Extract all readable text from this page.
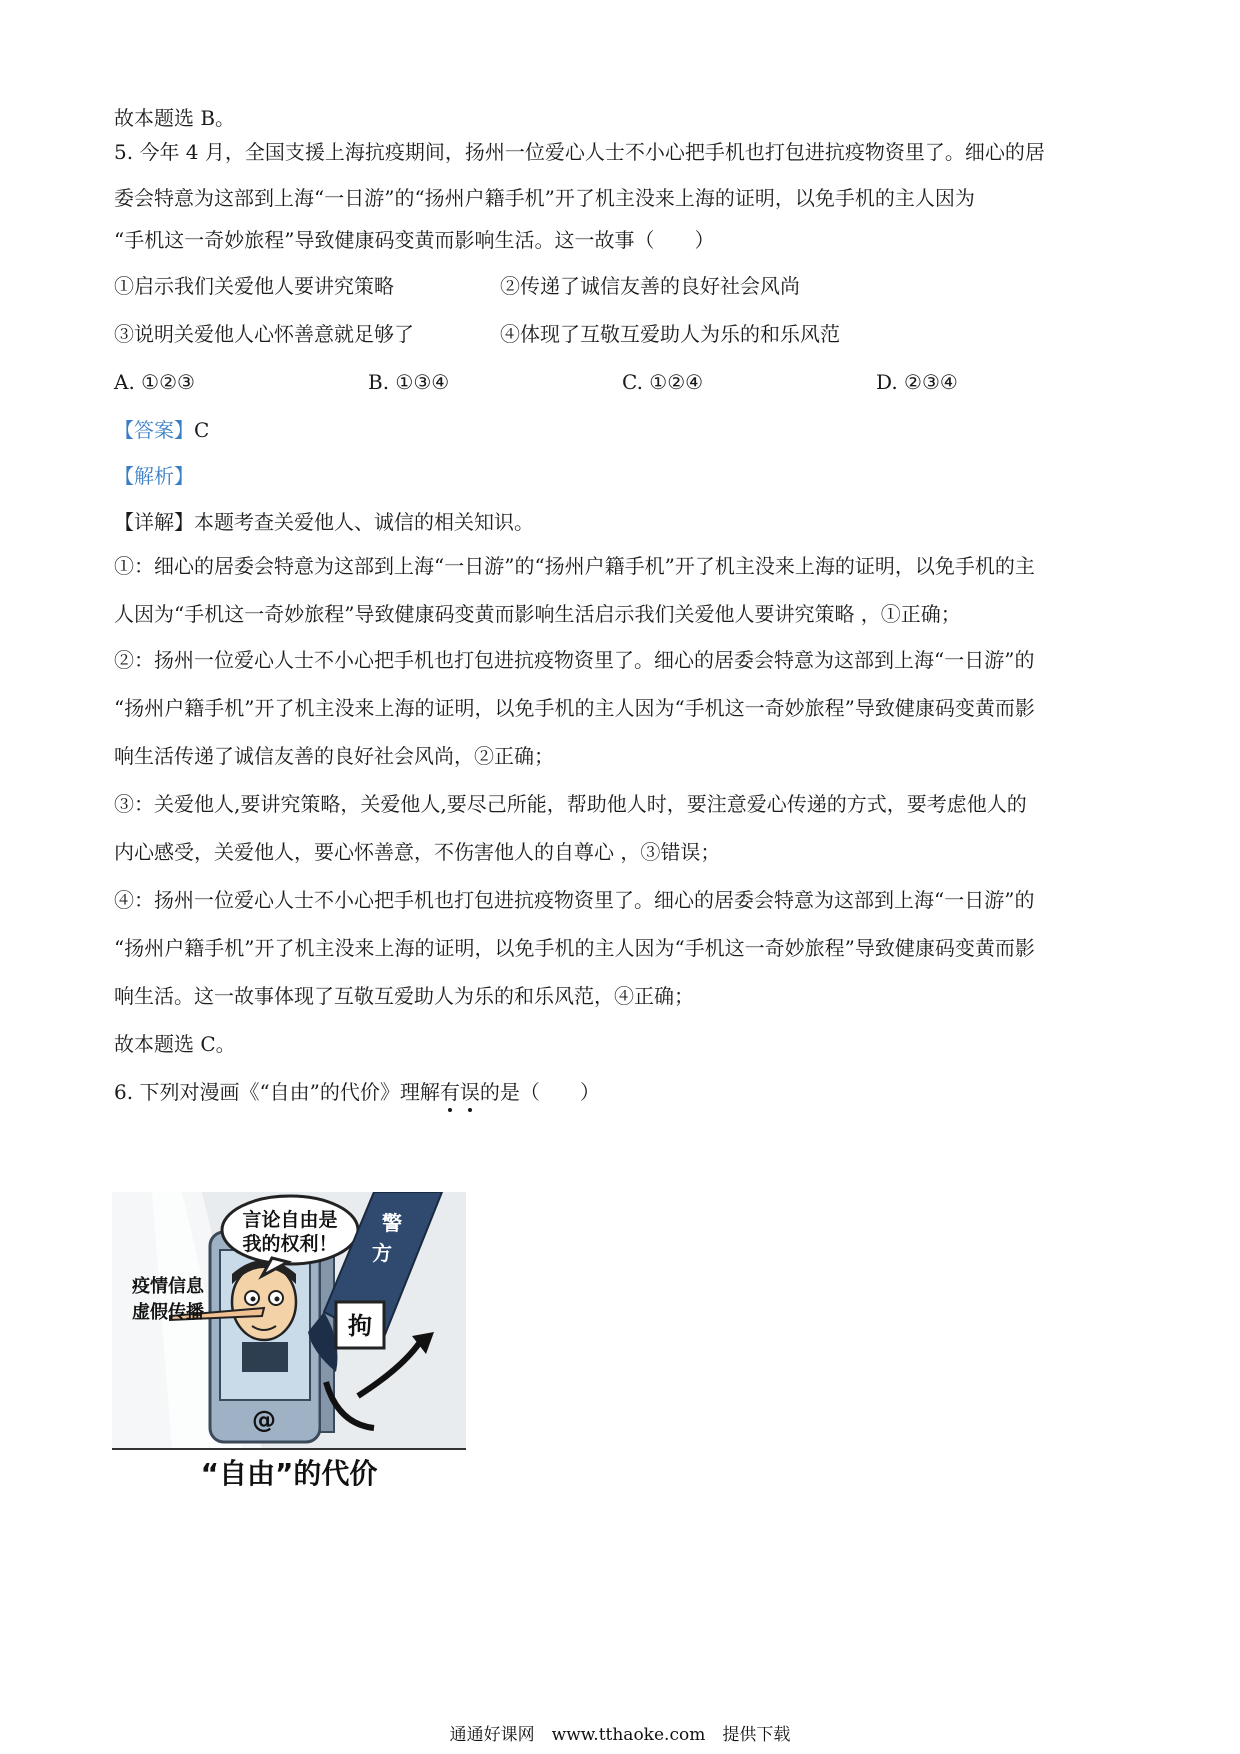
故本题选 B。
5. 今年 4 月，全国支援上海抗疫期间，扬州一位爱心人士不小心把手机也打包进抗疫物资里了。细心的居
委会特意为这部到上海“一日游”的“扬州户籍手机”开了机主没来上海的证明，以免手机的主人因为
“手机这一奇妙旅程”导致健康码变黄而影响生活。这一故事（　　）
①启示我们关爱他人要讲究策略	②传递了诚信友善的良好社会风尚
③说明关爱他人心怀善意就足够了	④体现了互敬互爱助人为乐的和乐风范
A. ①②③	B. ①③④	C. ①②④	D. ②③④
【答案】C
【解析】
【详解】本题考查关爱他人、诚信的相关知识。
①：细心的居委会特意为这部到上海“一日游”的“扬州户籍手机”开了机主没来上海的证明，以免手机的主
人因为“手机这一奇妙旅程”导致健康码变黄而影响生活启示我们关爱他人要讲究策略 ，①正确；
②：扬州一位爱心人士不小心把手机也打包进抗疫物资里了。细心的居委会特意为这部到上海“一日游”的
“扬州户籍手机”开了机主没来上海的证明，以免手机的主人因为“手机这一奇妙旅程”导致健康码变黄而影
响生活传递了诚信友善的良好社会风尚，②正确；
③：关爱他人,要讲究策略，关爱他人,要尽己所能，帮助他人时，要注意爱心传递的方式，要考虑他人的
内心感受，关爱他人，要心怀善意，不伤害他人的自尊心 ，③错误；
④：扬州一位爱心人士不小心把手机也打包进抗疫物资里了。细心的居委会特意为这部到上海“一日游”的
“扬州户籍手机”开了机主没来上海的证明，以免手机的主人因为“手机这一奇妙旅程”导致健康码变黄而影
响生活。这一故事体现了互敬互爱助人为乐的和乐风范，④正确；
故本题选 C。
6. 下列对漫画《“自由”的代价》理解有误的是（　　）
言论自由是
我的权利！
疫情信息
虚假传播
警
方
拘
@
“自由”的代价
通通好课网　www.tthaoke.com　提供下载
